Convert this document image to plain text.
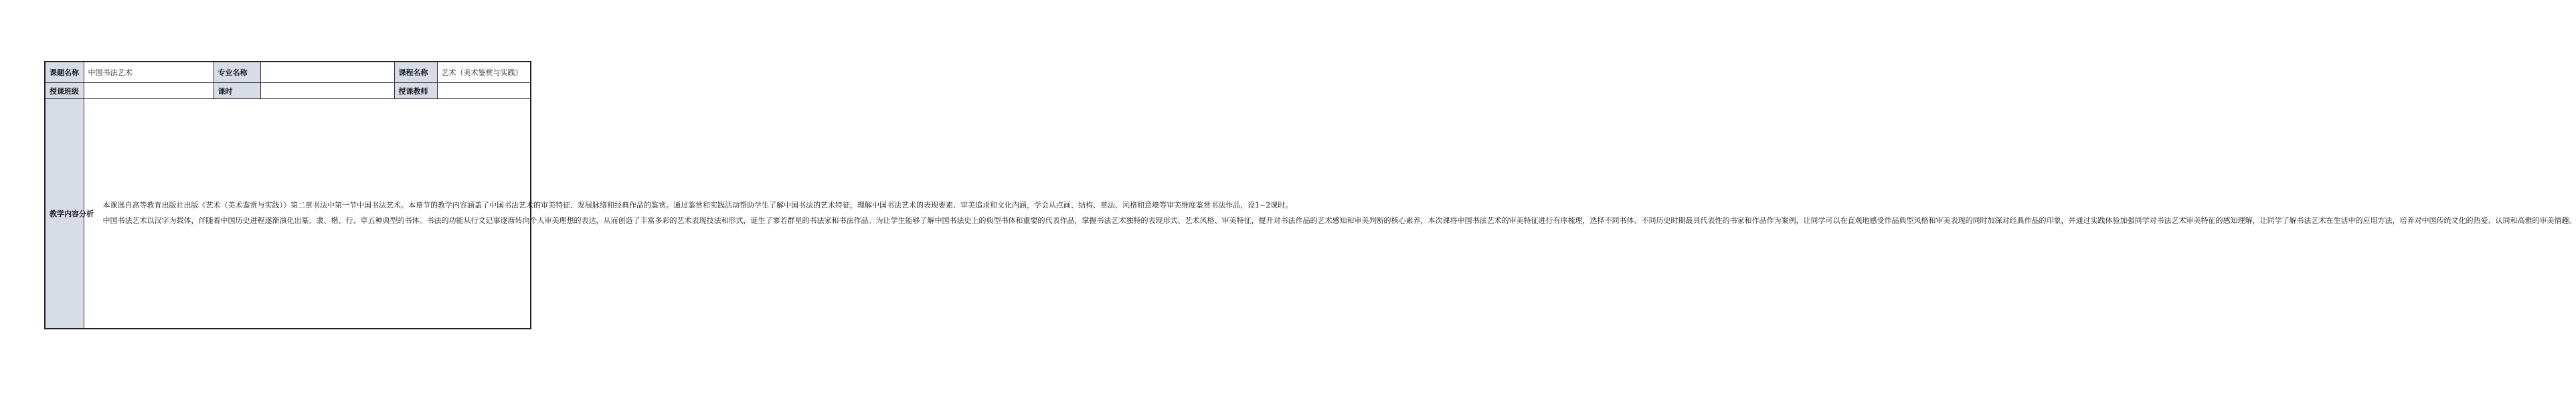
课题名称	中国书法艺术	专业名称		课程名称	艺术（美术鉴赏与实践）
授课班级		课时		授课教师	
教学内容分析	本课选自高等教育出版社出版《艺术（美术鉴赏与实践）》第二章书法中第一节中国书法艺术。本章节的教学内容涵盖了中国书法艺术的审美特征、发展脉络和经典作品的鉴赏。通过鉴赏和实践活动帮助学生了解中国书法的艺术特征，理解中国书法艺术的表现要素、审美追求和文化内涵，学会从点画、结构、章法、风格和意境等审美维度鉴赏书法作品，设1~2课时。

中国书法艺术以汉字为载体，伴随着中国历史进程逐渐演化出篆、隶、楷、行、草五种典型的书体。书法的功能从行文记事逐渐转向个人审美理想的表达，从而创造了丰富多彩的艺术表现技法和形式，诞生了寥若群星的书法家和书法作品。为让学生能够了解中国书法史上的典型书体和重要的代表作品，掌握书法艺术独特的表现形式、艺术风格、审美特征，提升对书法作品的艺术感知和审美判断的核心素养，本次课将中国书法艺术的审美特征进行有序梳理，选择不同书体、不同历史时期最具代表性的书家和作品作为案例，让同学可以在直观地感受作品典型风格和审美表现的同时加深对经典作品的印象，并通过实践体验加强同学对书法艺术审美特征的感知理解，让同学了解书法艺术在生活中的应用方法，培养对中国传统文化的热爱、认同和高雅的审美情趣。				
